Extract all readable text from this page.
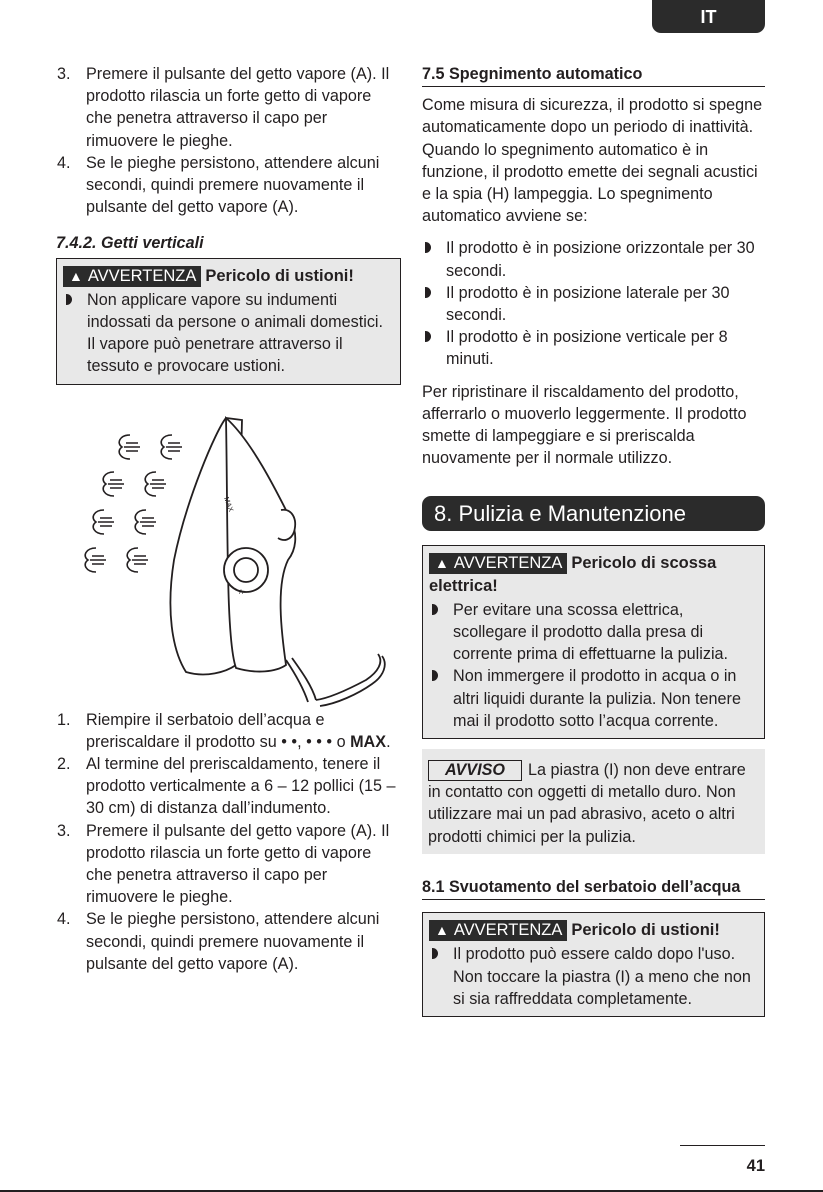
IT
3. Premere il pulsante del getto vapore (A). Il prodotto rilascia un forte getto di vapore che penetra attraverso il capo per rimuovere le pieghe.
4. Se le pieghe persistono, attendere alcuni secondi, quindi premere nuovamente il pulsante del getto vapore (A).

7.4.2. Getti verticali

▲ AVVERTENZA Pericolo di ustioni!
Non applicare vapore su indumenti indossati da persone o animali domestici. Il vapore può penetrare attraverso il tessuto e provocare ustioni.
1. Riempire il serbatoio dell’acqua e preriscaldare il prodotto su • •, • • • o MAX.
2. Al termine del preriscaldamento, tenere il prodotto verticalmente a 6 – 12 pollici (15 – 30 cm) di distanza dall’indumento.
3. Premere il pulsante del getto vapore (A). Il prodotto rilascia un forte getto di vapore che penetra attraverso il capo per rimuovere le pieghe.
4. Se le pieghe persistono, attendere alcuni secondi, quindi premere nuovamente il pulsante del getto vapore (A).
MAX
A

7.5 Spegnimento automatico

Come misura di sicurezza, il prodotto si spegne automaticamente dopo un periodo di inattività. Quando lo spegnimento automatico è in funzione, il prodotto emette dei segnali acustici e la spia (H) lampeggia. Lo spegnimento automatico avviene se:

Il prodotto è in posizione orizzontale per 30 secondi.
Il prodotto è in posizione laterale per 30 secondi.
Il prodotto è in posizione verticale per 8 minuti.

Per ripristinare il riscaldamento del prodotto, afferrarlo o muoverlo leggermente. Il prodotto smette di lampeggiare e si preriscalda nuovamente per il normale utilizzo.

8. Pulizia e Manutenzione
▲ AVVERTENZA Pericolo di scossa elettrica!
Per evitare una scossa elettrica, scollegare il prodotto dalla presa di corrente prima di effettuarne la pulizia.
Non immergere il prodotto in acqua o in altri liquidi durante la pulizia. Non tenere mai il prodotto sotto l’acqua corrente.
AVVISO La piastra (I) non deve entrare in contatto con oggetti di metallo duro. Non utilizzare mai un pad abrasivo, aceto o altri prodotti chimici per la pulizia.

8.1 Svuotamento del serbatoio dell’acqua

▲ AVVERTENZA Pericolo di ustioni!
Il prodotto può essere caldo dopo l'uso. Non toccare la piastra (I) a meno che non si sia raffreddata completamente.
41
